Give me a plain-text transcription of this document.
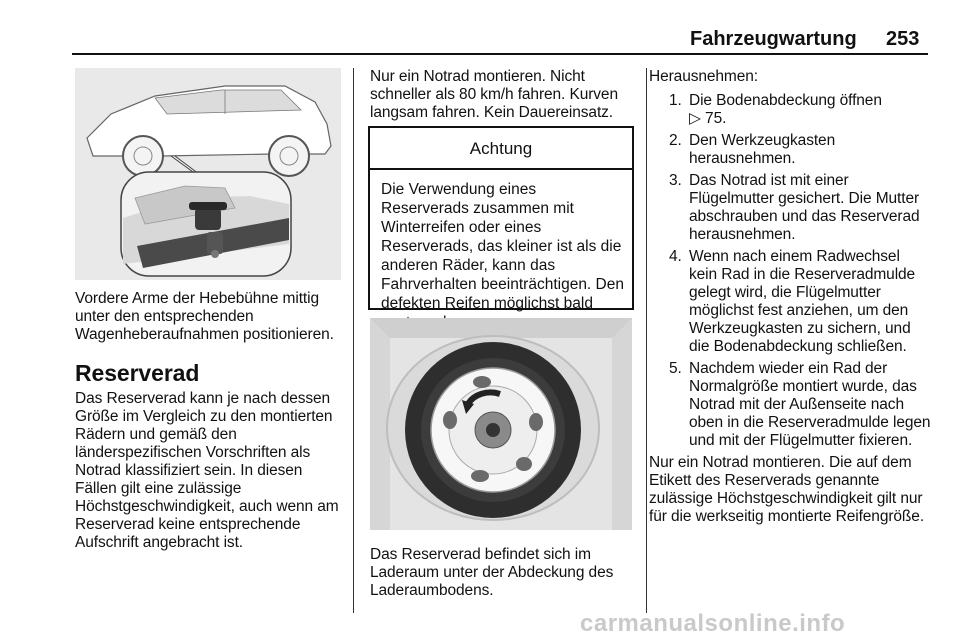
Fahrzeugwartung 253

Vordere Arme der Hebebühne mittig unter den entsprechenden Wagenheberaufnahmen positionieren.

Reserverad

Das Reserverad kann je nach dessen Größe im Vergleich zu den montierten Rädern und gemäß den länderspezifischen Vorschriften als Notrad klassifiziert sein. In diesen Fällen gilt eine zulässige Höchstgeschwindigkeit, auch wenn am Reserverad keine entsprechende Aufschrift angebracht ist.

Nur ein Notrad montieren. Nicht schneller als 80 km/h fahren. Kurven langsam fahren. Kein Dauereinsatz.

Achtung
Die Verwendung eines Reserverads zusammen mit Winterreifen oder eines Reserverads, das kleiner ist als die anderen Räder, kann das Fahrverhalten beeinträchtigen. Den defekten Reifen möglichst bald

Das Reserverad befindet sich im Laderaum unter der Abdeckung des Laderaumbodens.

Herausnehmen:

1. Die Bodenabdeckung öffnen
▷ 75.
2. Den Werkzeugkasten herausnehmen.
3. Das Notrad ist mit einer Flügelmutter gesichert. Die Mutter abschrauben und das Reserverad herausnehmen.
4. Wenn nach einem Radwechsel kein Rad in die Reserveradmulde gelegt wird, die Flügelmutter möglichst fest anziehen, um den Werkzeugkasten zu sichern, und die Bodenabdeckung schließen.
5. Nachdem wieder ein Rad der Normalgröße montiert wurde, das Notrad mit der Außenseite nach oben in die Reserveradmulde legen und mit der Flügelmutter fixieren.

Nur ein Notrad montieren. Die auf dem Etikett des Reserverads genannte zulässige Höchstgeschwindigkeit gilt nur für die werkseitig montierte Reifengröße.

carmanualsonline.info
